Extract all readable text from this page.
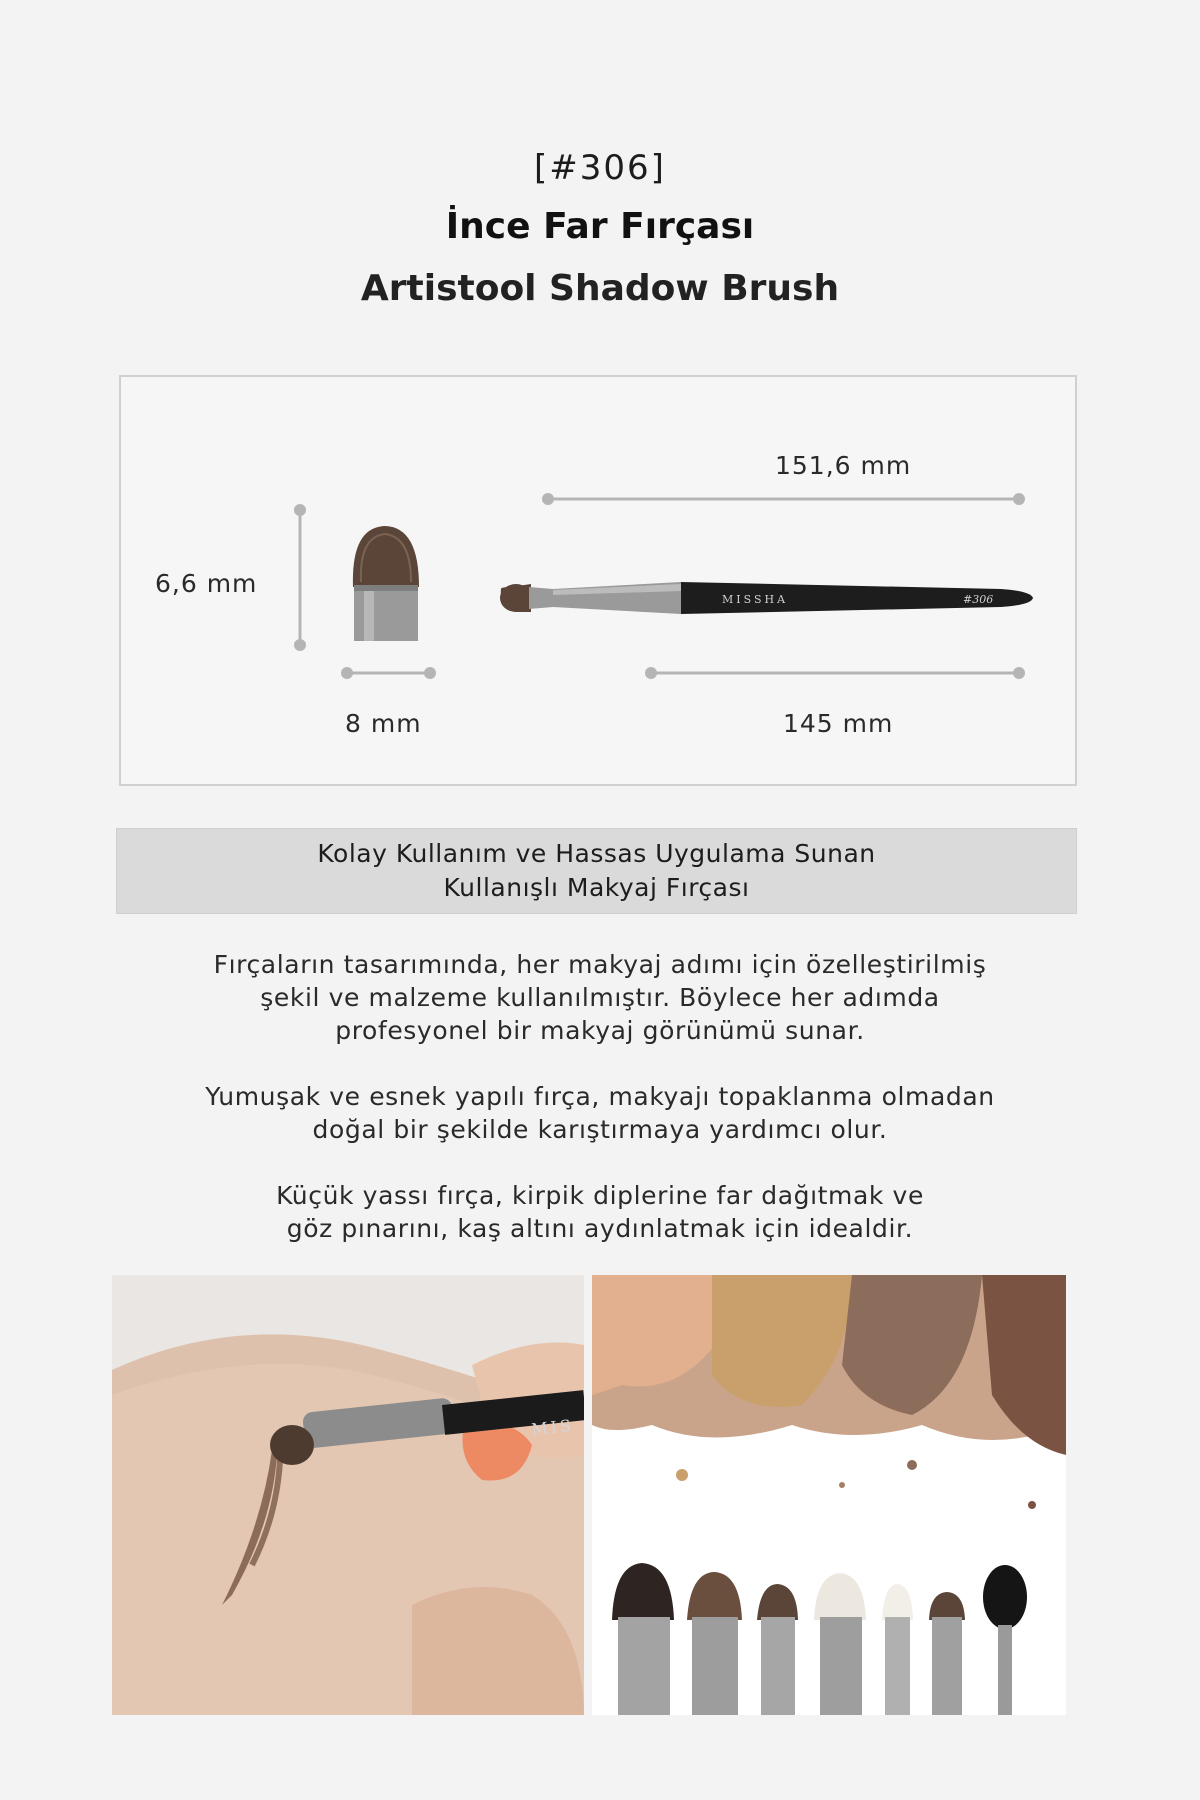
[#306]
İnce Far Fırçası
Artistool Shadow Brush
MISSHA	#306
151,6 mm
6,6 mm
8 mm	145 mm
Kolay Kullanım ve Hassas Uygulama Sunan
Kullanışlı Makyaj Fırçası
Fırçaların tasarımında, her makyaj adımı için özelleştirilmiş
şekil ve malzeme kullanılmıştır. Böylece her adımda
profesyonel bir makyaj görünümü sunar.
Yumuşak ve esnek yapılı fırça, makyajı topaklanma olmadan
doğal bir şekilde karıştırmaya yardımcı olur.
Küçük yassı fırça, kirpik diplerine far dağıtmak ve
göz pınarını, kaş altını aydınlatmak için idealdir.
MIS
